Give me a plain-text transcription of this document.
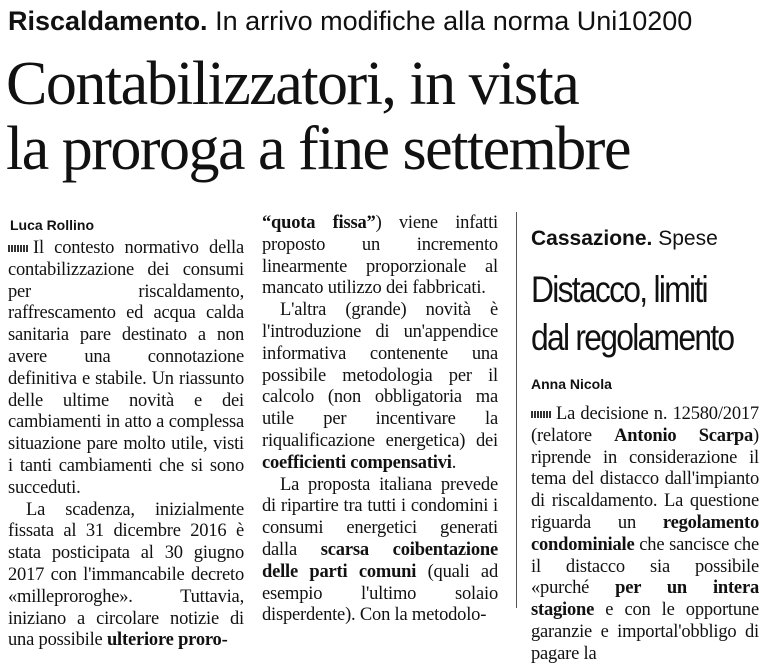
Riscaldamento. In arrivo modifiche alla norma Uni10200
Contabilizzatori, in vista
la proroga a fine settembre

Luca Rollino

Il contesto normativo della contabilizzazione dei consumi per riscaldamento, raffrescamento ed acqua calda sanitaria pare destinato a non avere una connotazione definitiva e stabile. Un riassunto delle ultime novità e dei cambiamenti in atto a complessa situazione pare molto utile, visti i tanti cambiamenti che si sono succeduti.

La scadenza, inizialmente fissata al 31 dicembre 2016 è stata posticipata al 30 giugno 2017 con l'immancabile decreto «milleproroghe». Tuttavia, iniziano a circolare notizie di una possibile ulteriore proro-

“quota fissa”) viene infatti proposto un incremento linearmente proporzionale al mancato utilizzo dei fabbricati.

L'altra (grande) novità è l'introduzione di un'appendice informativa contenente una possibile metodologia per il calcolo (non obbligatoria ma utile per incentivare la riqualificazione energetica) dei coefficienti compensativi.

La proposta italiana prevede di ripartire tra tutti i condomini i consumi energetici generati dalla scarsa coibentazione delle parti comuni (quali ad esempio l'ultimo solaio disperdente). Con la metodolo-

Cassazione. Spese
Distacco, limiti
dal regolamento

Anna Nicola

La decisione n. 12580/2017 (relatore Antonio Scarpa) riprende in considerazione il tema del distacco dall'impianto di riscaldamento. La questione riguarda un regolamento condominiale che sancisce che il distacco sia possibile «purché per un intera stagione e con le opportune garanzie e importal'obbligo di pagare la
